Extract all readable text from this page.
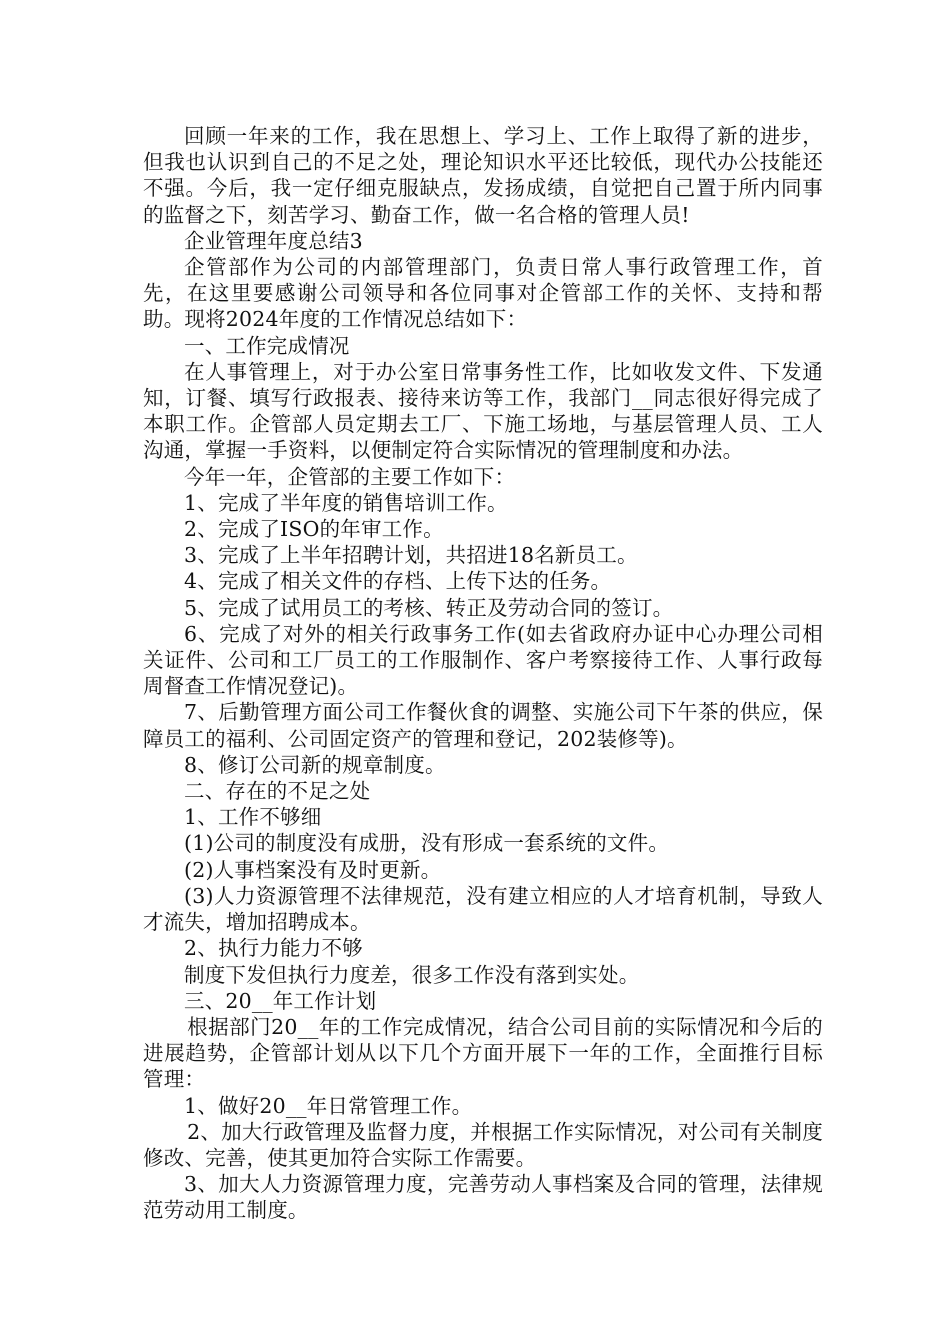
回顾一年来的工作，我在思想上、学习上、工作上取得了新的进步，但我也认识到自己的不足之处，理论知识水平还比较低，现代办公技能还不强。今后，我一定仔细克服缺点，发扬成绩，自觉把自己置于所内同事的监督之下，刻苦学习、勤奋工作，做一名合格的管理人员!

企业管理年度总结3

企管部作为公司的内部管理部门，负责日常人事行政管理工作，首先，在这里要感谢公司领导和各位同事对企管部工作的关怀、支持和帮助。现将2024年度的工作情况总结如下：

一、工作完成情况

在人事管理上，对于办公室日常事务性工作，比如收发文件、下发通知，订餐、填写行政报表、接待来访等工作，我部门__同志很好得完成了本职工作。企管部人员定期去工厂、下施工场地，与基层管理人员、工人沟通，掌握一手资料，以便制定符合实际情况的管理制度和办法。

今年一年，企管部的主要工作如下：

1、完成了半年度的销售培训工作。

2、完成了ISO的年审工作。

3、完成了上半年招聘计划，共招进18名新员工。

4、完成了相关文件的存档、上传下达的任务。

5、完成了试用员工的考核、转正及劳动合同的签订。

6、完成了对外的相关行政事务工作(如去省政府办证中心办理公司相关证件、公司和工厂员工的工作服制作、客户考察接待工作、人事行政每周督查工作情况登记)。

7、后勤管理方面公司工作餐伙食的调整、实施公司下午茶的供应，保障员工的福利、公司固定资产的管理和登记，202装修等)。

8、修订公司新的规章制度。

二、存在的不足之处

1、工作不够细

(1)公司的制度没有成册，没有形成一套系统的文件。

(2)人事档案没有及时更新。

(3)人力资源管理不法律规范，没有建立相应的人才培育机制，导致人才流失，增加招聘成本。

2、执行力能力不够

制度下发但执行力度差，很多工作没有落到实处。

三、20__年工作计划

根据部门20__年的工作完成情况，结合公司目前的实际情况和今后的进展趋势，企管部计划从以下几个方面开展下一年的工作，全面推行目标管理：

1、做好20__年日常管理工作。

2、加大行政管理及监督力度，并根据工作实际情况，对公司有关制度修改、完善，使其更加符合实际工作需要。

3、加大人力资源管理力度，完善劳动人事档案及合同的管理，法律规范劳动用工制度。
